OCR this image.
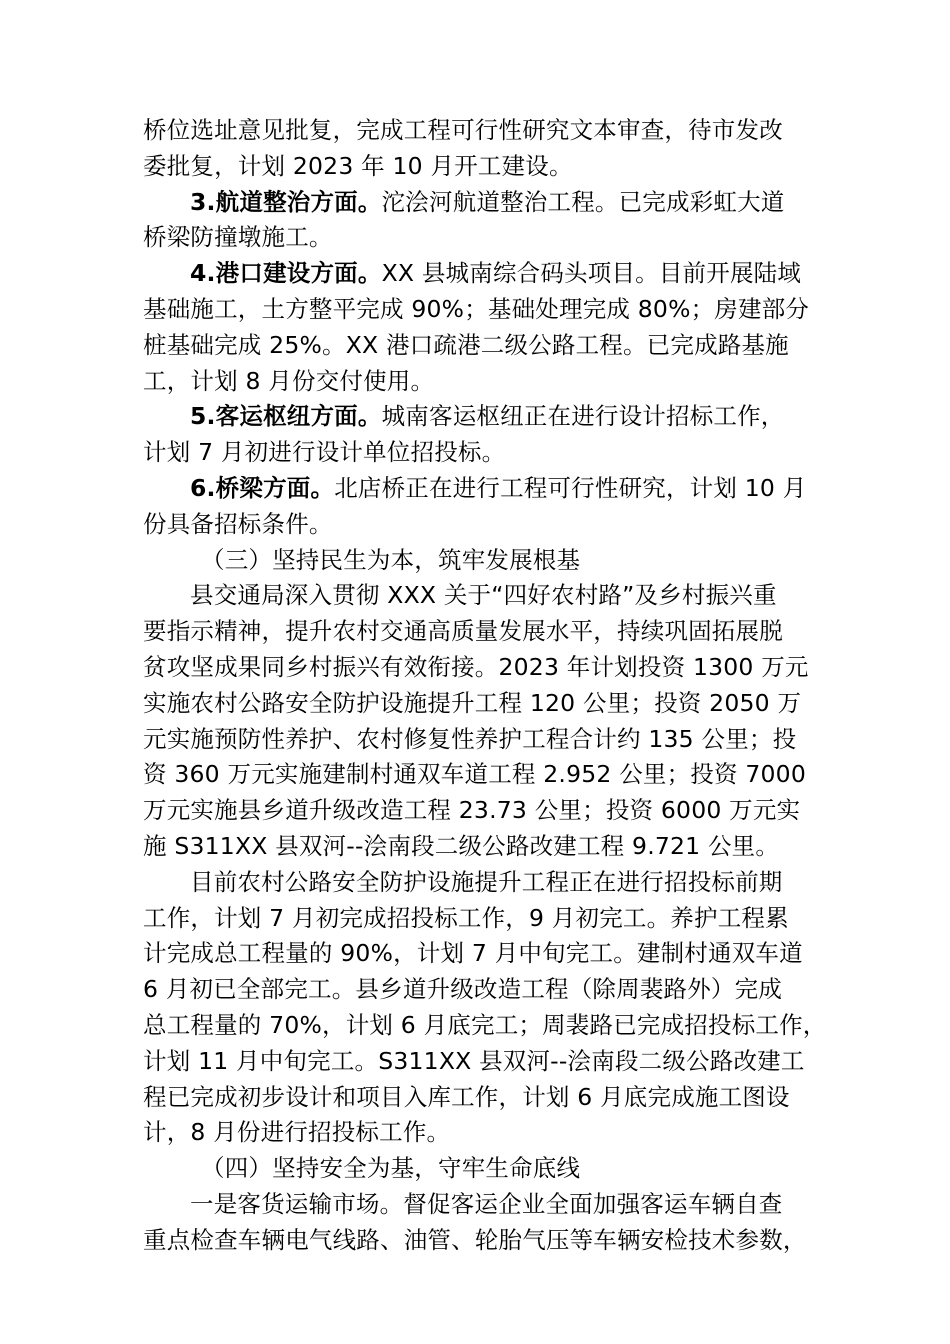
桥位选址意见批复，完成工程可行性研究文本审查，待市发改
委批复，计划 2023 年 10 月开工建设。
3.航道整治方面。沱浍河航道整治工程。已完成彩虹大道
桥梁防撞墩施工。
4.港口建设方面。XX 县城南综合码头项目。目前开展陆域
基础施工，土方整平完成 90%；基础处理完成 80%；房建部分
桩基础完成 25%。XX 港口疏港二级公路工程。已完成路基施
工，计划 8 月份交付使用。
5.客运枢纽方面。城南客运枢纽正在进行设计招标工作，
计划 7 月初进行设计单位招投标。
6.桥梁方面。北店桥正在进行工程可行性研究，计划 10 月
份具备招标条件。
（三）坚持民生为本，筑牢发展根基
县交通局深入贯彻 XXX 关于“四好农村路”及乡村振兴重
要指示精神，提升农村交通高质量发展水平，持续巩固拓展脱
贫攻坚成果同乡村振兴有效衔接。2023 年计划投资 1300 万元
实施农村公路安全防护设施提升工程 120 公里；投资 2050 万
元实施预防性养护、农村修复性养护工程合计约 135 公里；投
资 360 万元实施建制村通双车道工程 2.952 公里；投资 7000
万元实施县乡道升级改造工程 23.73 公里；投资 6000 万元实
施 S311XX 县双河--浍南段二级公路改建工程 9.721 公里。
目前农村公路安全防护设施提升工程正在进行招投标前期
工作，计划 7 月初完成招投标工作，9 月初完工。养护工程累
计完成总工程量的 90%，计划 7 月中旬完工。建制村通双车道
6 月初已全部完工。县乡道升级改造工程（除周裴路外）完成
总工程量的 70%，计划 6 月底完工；周裴路已完成招投标工作，
计划 11 月中旬完工。S311XX 县双河--浍南段二级公路改建工
程已完成初步设计和项目入库工作，计划 6 月底完成施工图设
计，8 月份进行招投标工作。
（四）坚持安全为基，守牢生命底线
一是客货运输市场。督促客运企业全面加强客运车辆自查
重点检查车辆电气线路、油管、轮胎气压等车辆安检技术参数，
